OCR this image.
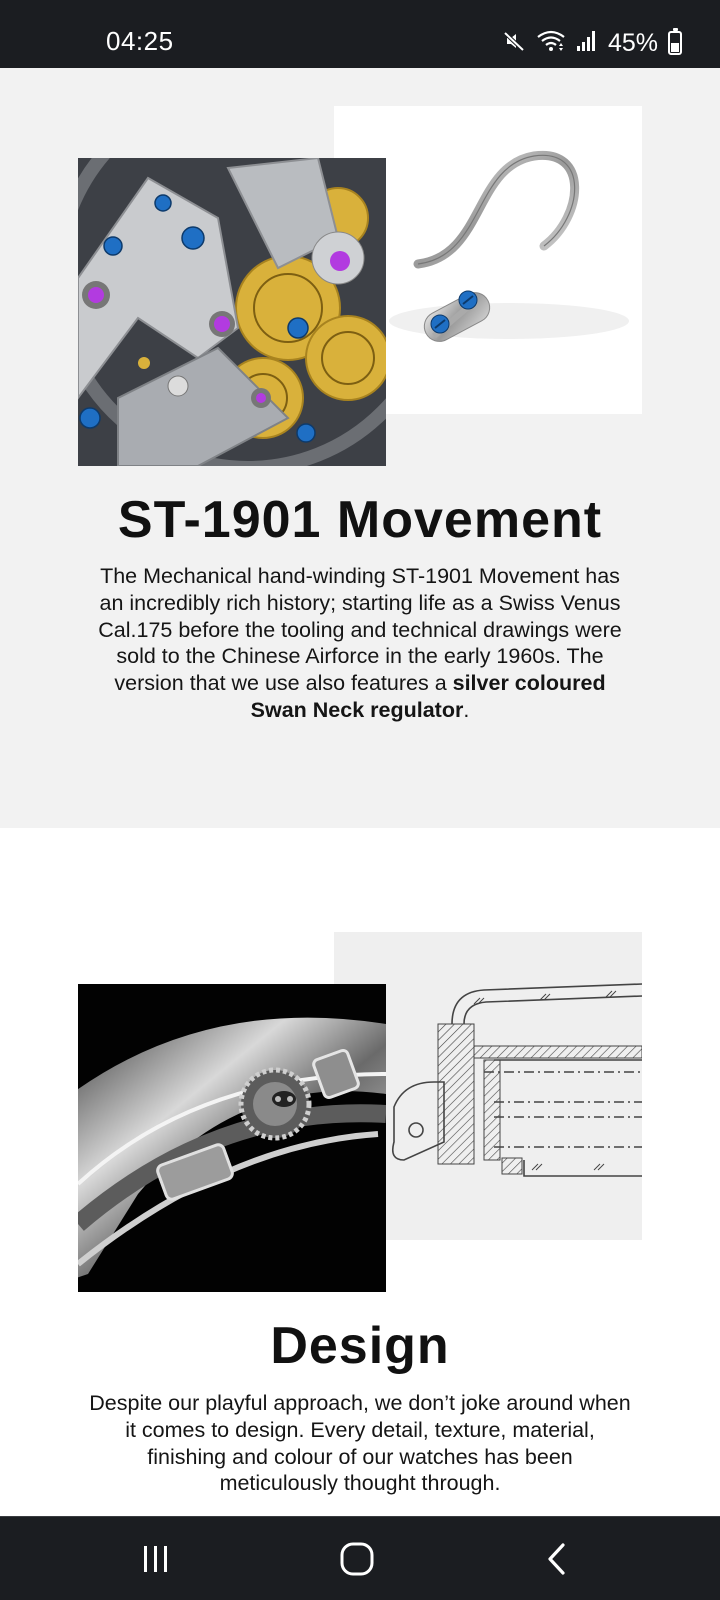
04:25	45%
ST-1901 Movement

The Mechanical hand-winding ST-1901 Movement has an incredibly rich history; starting life as a Swiss Venus Cal.175 before the tooling and technical drawings were sold to the Chinese Airforce in the early 1960s. The version that we use also features a silver coloured Swan Neck regulator.

Design

Despite our playful approach, we don’t joke around when it comes to design. Every detail, texture, material, finishing and colour of our watches has been meticulously thought through.
